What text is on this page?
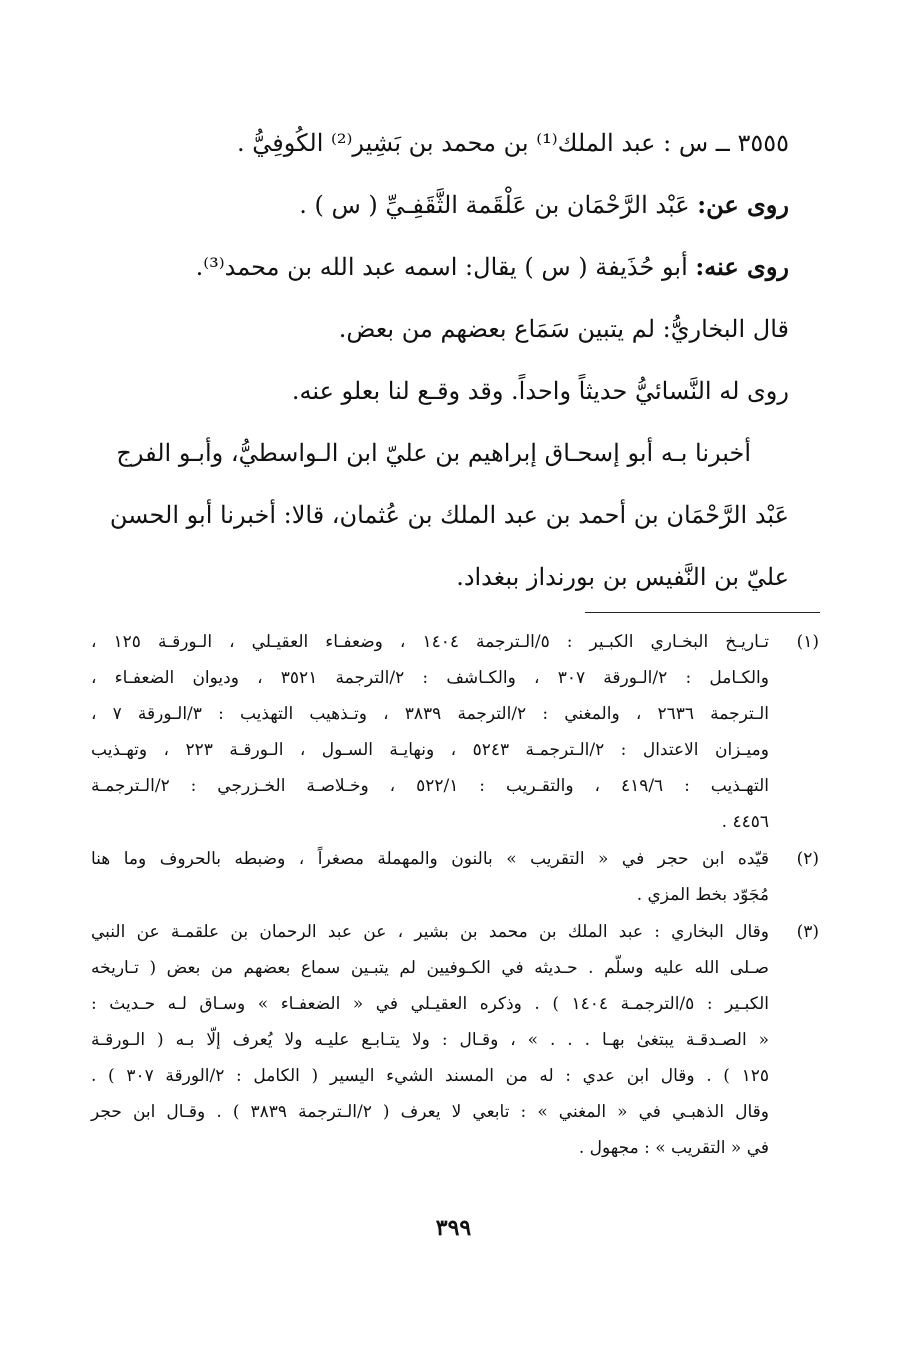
٣٥٥٥ ــ س : عبد الملك⁽¹⁾ بن محمد بن بَشِير⁽²⁾ الكُوفِيُّ .
روى عن: عَبْد الرَّحْمَان بن عَلْقَمة الثَّقَفِـيِّ ( س ) .
روى عنه: أبو حُذَيفة ( س ) يقال: اسمه عبد الله بن محمد⁽³⁾.
قال البخاريُّ: لم يتبين سَمَاع بعضهم من بعض.
روى له النَّسائيُّ حديثاً واحداً. وقد وقـع لنا بعلو عنه.
أخبرنا بـه أبو إسحـاق إبراهيم بن عليّ ابن الـواسطيُّ، وأبـو الفرج
عَبْد الرَّحْمَان بن أحمد بن عبد الملك بن عُثمان، قالا: أخبرنا أبو الحسن
عليّ بن النَّفيس بن بورنداز ببغداد.
(١)
تـاريـخ البخـاري الكبـير : ٥/الـترجمة ١٤٠٤ ، وضعفـاء العقيـلي ، الـورقـة ١٢٥ ،
والكـامل : ٢/الـورقة ٣٠٧ ، والكـاشف : ٢/الترجمة ٣٥٢١ ، وديوان الضعفـاء ،
الـترجمة ٢٦٣٦ ، والمغني : ٢/الترجمة ٣٨٣٩ ، وتـذهيب التهذيب : ٣/الـورقة ٧ ،
وميـزان الاعتدال : ٢/الـترجمـة ٥٢٤٣ ، ونهايـة السـول ، الـورقـة ٢٢٣ ، وتهـذيب
التهـذيب : ٤١٩/٦ ، والتقـريب : ٥٢٢/١ ، وخـلاصـة الخـزرجي : ٢/الـترجمـة
٤٤٥٦ .
(٢)
قيّده ابن حجر في « التقريب » بالنون والمهملة مصغراً ، وضبطه بالحروف وما هنا
مُجَوّد بخط المزي .
(٣)
وقال البخاري : عبد الملك بن محمد بن بشير ، عن عبد الرحمان بن علقمـة عن النبي
صـلى الله عليه وسلّم . حـديثه في الكـوفيين لم يتبـين سماع بعضهم من بعض ( تـاريخه
الكبـير : ٥/الترجمـة ١٤٠٤ ) . وذكره العقيـلي في « الضعفـاء » وسـاق لـه حـديث :
« الصـدقـة يبتغىٰ بهـا . . . » ، وقـال : ولا يتـابـع عليـه ولا يُعرف إلّا بـه ( الـورقـة
١٢٥ ) . وقال ابن عدي : له من المسند الشيء اليسير ( الكامل : ٢/الورقة ٣٠٧ ) .
وقال الذهبـي في « المغني » : تابعي لا يعرف ( ٢/الـترجمة ٣٨٣٩ ) . وقـال ابن حجر
في « التقريب » : مجهول .
٣٩٩
